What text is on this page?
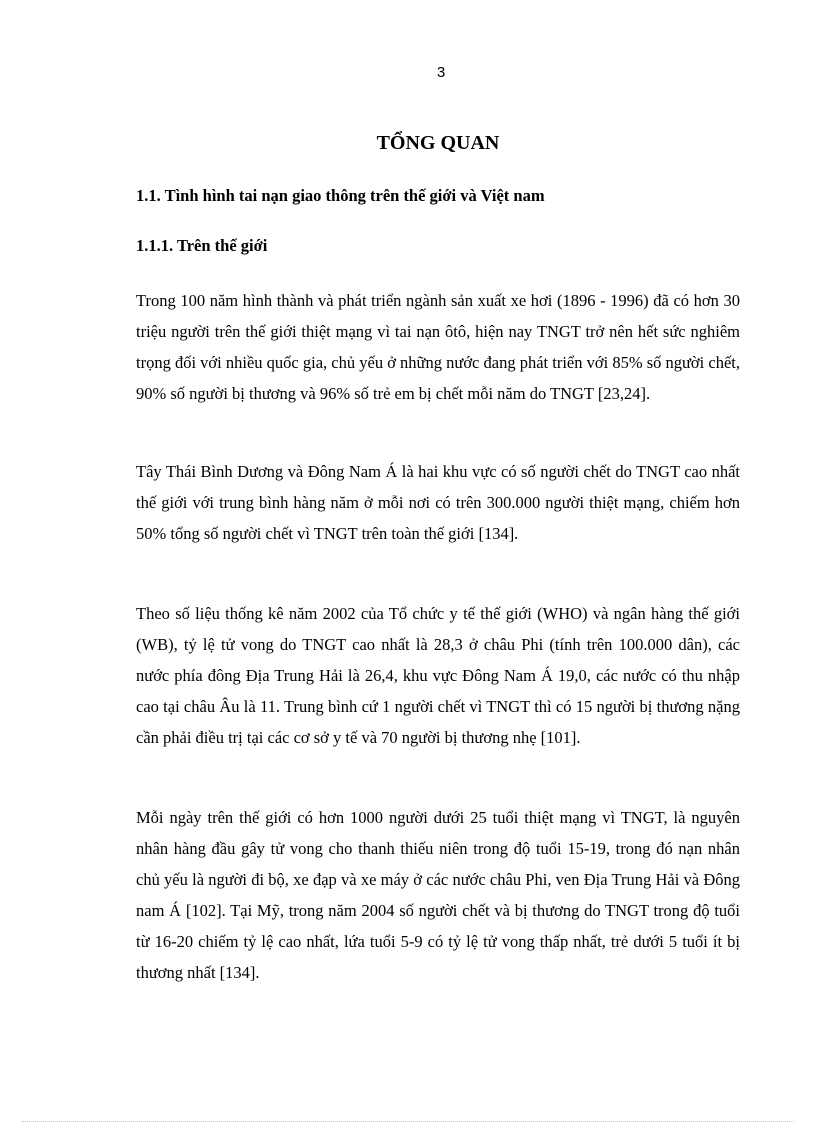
3
TỔNG QUAN
1.1. Tình hình tai nạn giao thông trên thế giới và Việt nam
1.1.1. Trên thế giới

Trong 100 năm hình thành và phát triển ngành sản xuất xe hơi (1896 - 1996) đã có hơn 30 triệu người trên thế giới thiệt mạng vì tai nạn ôtô, hiện nay TNGT trở nên hết sức nghiêm trọng đối với nhiều quốc gia, chủ yếu ở những nước đang phát triển với 85% số người chết, 90% số người bị thương và 96% số trẻ em bị chết mỗi năm do TNGT [23,24].

Tây Thái Bình Dương và Đông Nam Á là hai khu vực có số người chết do TNGT cao nhất thế giới với trung bình hàng năm ở mỗi nơi có trên 300.000 người thiệt mạng, chiếm hơn 50% tổng số người chết vì TNGT trên toàn thế giới [134].

Theo số liệu thống kê năm 2002 của Tổ chức y tế thế giới (WHO) và ngân hàng thế giới (WB), tỷ lệ tử vong do TNGT cao nhất là 28,3 ở châu Phi (tính trên 100.000 dân), các nước phía đông Địa Trung Hải là 26,4, khu vực Đông Nam Á 19,0, các nước có thu nhập cao tại châu Âu là 11. Trung bình cứ 1 người chết vì TNGT thì có 15 người bị thương nặng cần phải điều trị tại các cơ sở y tế và 70 người bị thương nhẹ [101].

Mỗi ngày trên thế giới có hơn 1000 người dưới 25 tuổi thiệt mạng vì TNGT, là nguyên nhân hàng đầu gây tử vong cho thanh thiếu niên trong độ tuổi 15-19, trong đó nạn nhân chủ yếu là người đi bộ, xe đạp và xe máy ở các nước châu Phi, ven Địa Trung Hải và Đông nam Á [102]. Tại Mỹ, trong năm 2004 số người chết và bị thương do TNGT trong độ tuổi từ 16-20 chiếm tỷ lệ cao nhất, lứa tuổi 5-9 có tỷ lệ tử vong thấp nhất, trẻ dưới 5 tuổi ít bị thương nhất [134].
